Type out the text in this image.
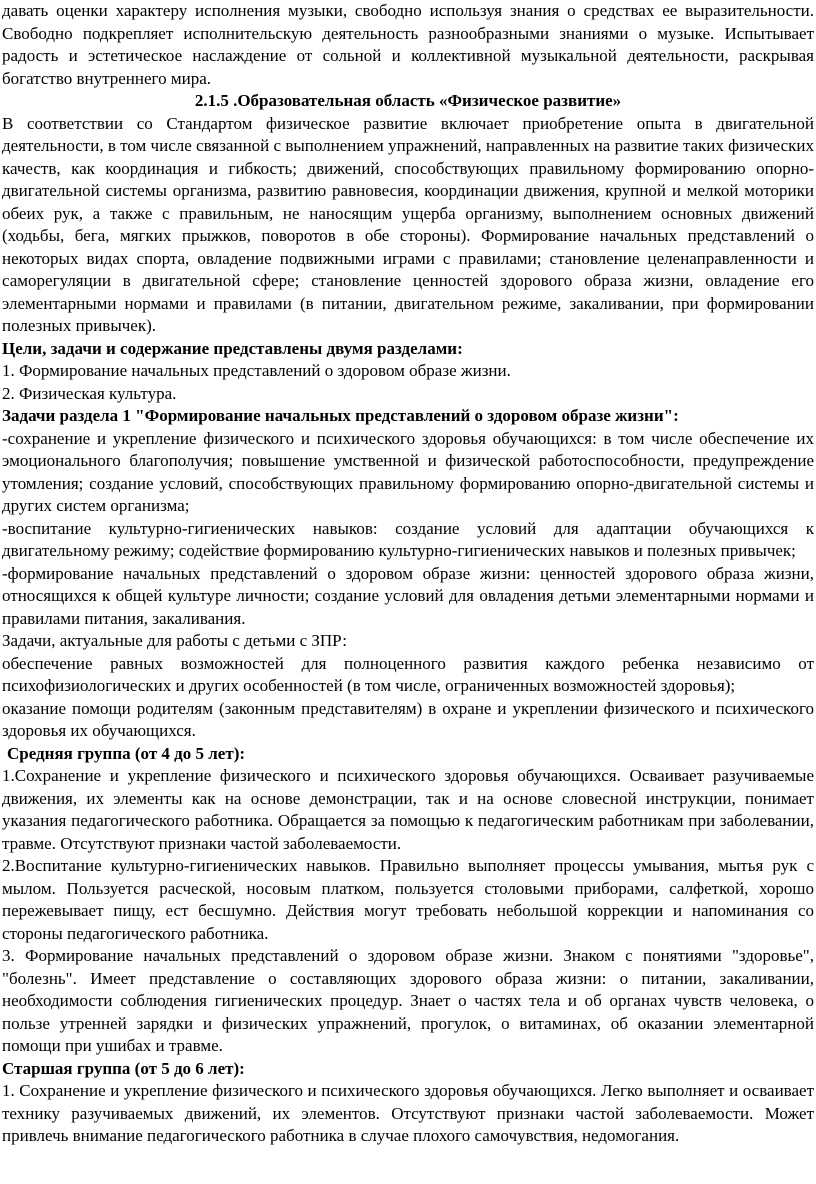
давать оценки характеру исполнения музыки, свободно используя знания о средствах ее выразительности. Свободно подкрепляет исполнительскую деятельность разнообразными знаниями о музыке. Испытывает радость и эстетическое наслаждение от сольной и коллективной музыкальной деятельности, раскрывая богатство внутреннего мира.

2.1.5 .Образовательная область «Физическое развитие»

В соответствии со Стандартом физическое развитие включает приобретение опыта в двигательной деятельности, в том числе связанной с выполнением упражнений, направленных на развитие таких физических качеств, как координация и гибкость; движений, способствующих правильному формированию опорно-двигательной системы организма, развитию равновесия, координации движения, крупной и мелкой моторики обеих рук, а также с правильным, не наносящим ущерба организму, выполнением основных движений (ходьбы, бега, мягких прыжков, поворотов в обе стороны). Формирование начальных представлений о некоторых видах спорта, овладение подвижными играми с правилами; становление целенаправленности и саморегуляции в двигательной сфере; становление ценностей здорового образа жизни, овладение его элементарными нормами и правилами (в питании, двигательном режиме, закаливании, при формировании полезных привычек).

Цели, задачи и содержание представлены двумя разделами:

1. Формирование начальных представлений о здоровом образе жизни.

2. Физическая культура.

Задачи раздела 1 "Формирование начальных представлений о здоровом образе жизни":

-сохранение и укрепление физического и психического здоровья обучающихся: в том числе обеспечение их эмоционального благополучия; повышение умственной и физической работоспособности, предупреждение утомления; создание условий, способствующих правильному формированию опорно-двигательной системы и других систем организма;

-воспитание культурно-гигиенических навыков: создание условий для адаптации обучающихся к двигательному режиму; содействие формированию культурно-гигиенических навыков и полезных привычек;

-формирование начальных представлений о здоровом образе жизни: ценностей здорового образа жизни, относящихся к общей культуре личности; создание условий для овладения детьми элементарными нормами и правилами питания, закаливания.

Задачи, актуальные для работы с детьми с ЗПР:

обеспечение равных возможностей для полноценного развития каждого ребенка независимо от психофизиологических и других особенностей (в том числе, ограниченных возможностей здоровья);

оказание помощи родителям (законным представителям) в охране и укреплении физического и психического здоровья их обучающихся.

Средняя группа (от 4 до 5 лет):

1.Сохранение и укрепление физического и психического здоровья обучающихся. Осваивает разучиваемые движения, их элементы как на основе демонстрации, так и на основе словесной инструкции, понимает указания педагогического работника. Обращается за помощью к педагогическим работникам при заболевании, травме. Отсутствуют признаки частой заболеваемости.

2.Воспитание культурно-гигиенических навыков. Правильно выполняет процессы умывания, мытья рук с мылом. Пользуется расческой, носовым платком, пользуется столовыми приборами, салфеткой, хорошо пережевывает пищу, ест бесшумно. Действия могут требовать небольшой коррекции и напоминания со стороны педагогического работника.

3. Формирование начальных представлений о здоровом образе жизни. Знаком с понятиями "здоровье", "болезнь". Имеет представление о составляющих здорового образа жизни: о питании, закаливании, необходимости соблюдения гигиенических процедур. Знает о частях тела и об органах чувств человека, о пользе утренней зарядки и физических упражнений, прогулок, о витаминах, об оказании элементарной помощи при ушибах и травме.

Старшая группа (от 5 до 6 лет):

1. Сохранение и укрепление физического и психического здоровья обучающихся. Легко выполняет и осваивает технику разучиваемых движений, их элементов. Отсутствуют признаки частой заболеваемости. Может привлечь внимание педагогического работника в случае плохого самочувствия, недомогания.
